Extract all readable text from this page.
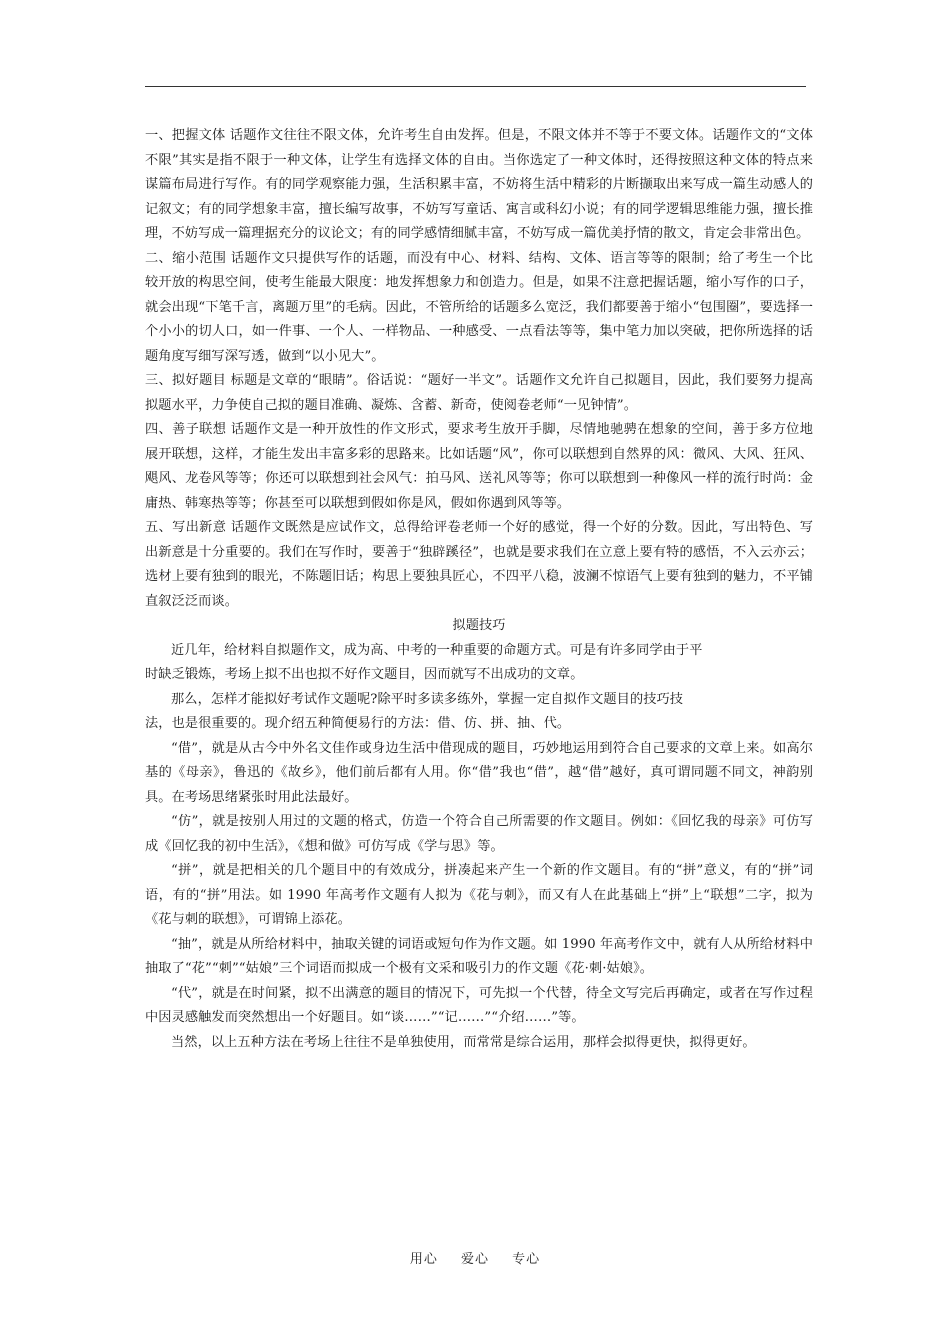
一、把握文体 话题作文往往不限文体，允许考生自由发挥。但是，不限文体并不等于不要文体。话题作文的“文体不限”其实是指不限于一种文体，让学生有选择文体的自由。当你选定了一种文体时，还得按照这种文体的特点来谋篇布局进行写作。有的同学观察能力强，生活积累丰富，不妨将生活中精彩的片断撷取出来写成一篇生动感人的记叙文；有的同学想象丰富，擅长编写故事，不妨写写童话、寓言或科幻小说；有的同学逻辑思维能力强，擅长推理，不妨写成一篇理据充分的议论文；有的同学感情细腻丰富，不妨写成一篇优美抒情的散文，肯定会非常出色。

二、缩小范围 话题作文只提供写作的话题，而没有中心、材料、结构、文体、语言等等的限制；给了考生一个比较开放的构思空间，使考生能最大限度：地发挥想象力和创造力。但是，如果不注意把握话题，缩小写作的口子，就会出现“下笔千言，离题万里”的毛病。因此，不管所给的话题多么宽泛，我们都要善于缩小“包围圈”，要选择一个小小的切人口，如一件事、一个人、一样物品、一种感受、一点看法等等，集中笔力加以突破，把你所选择的话题角度写细写深写透，做到“以小见大”。

三、拟好题目 标题是文章的“眼睛”。俗话说：“题好一半文”。话题作文允许自己拟题目，因此，我们要努力提高拟题水平，力争使自己拟的题目准确、凝炼、含蓄、新奇，使阅卷老师“一见钟情”。

四、善子联想 话题作文是一种开放性的作文形式，要求考生放开手脚，尽情地驰骋在想象的空间，善于多方位地展开联想，这样，才能生发出丰富多彩的思路来。比如话题“风”，你可以联想到自然界的风：微风、大风、狂风、飓风、龙卷风等等；你还可以联想到社会风气：拍马风、送礼风等等；你可以联想到一种像风一样的流行时尚：金庸热、韩寒热等等；你甚至可以联想到假如你是风，假如你遇到风等等。

五、写出新意 话题作文既然是应试作文，总得给评卷老师一个好的感觉，得一个好的分数。因此，写出特色、写出新意是十分重要的。我们在写作时，要善于“独辟蹊径”，也就是要求我们在立意上要有特的感悟，不入云亦云；选材上要有独到的眼光，不陈题旧话；构思上要独具匠心，不四平八稳，波澜不惊语气上要有独到的魅力，不平铺直叙泛泛而谈。

拟题技巧

近几年，给材料自拟题作文，成为高、中考的一种重要的命题方式。可是有许多同学由于平

时缺乏锻炼，考场上拟不出也拟不好作文题目，因而就写不出成功的文章。

那么，怎样才能拟好考试作文题呢?除平时多读多练外，掌握一定自拟作文题目的技巧技

法，也是很重要的。现介绍五种简便易行的方法：借、仿、拼、抽、代。

“借”，就是从古今中外名文佳作或身边生活中借现成的题目，巧妙地运用到符合自己要求的文章上来。如高尔基的《母亲》，鲁迅的《故乡》，他们前后都有人用。你“借”我也“借”，越“借”越好，真可谓同题不同文，神韵别具。在考场思绪紧张时用此法最好。

“仿”，就是按别人用过的文题的格式，仿造一个符合自己所需要的作文题目。例如：《回忆我的母亲》可仿写成《回忆我的初中生活》，《想和做》可仿写成《学与思》等。

“拼”，就是把相关的几个题目中的有效成分，拼凑起来产生一个新的作文题目。有的“拼”意义，有的“拼”词语，有的“拼”用法。如 1990 年高考作文题有人拟为《花与刺》，而又有人在此基础上“拼”上“联想”二字，拟为《花与刺的联想》，可谓锦上添花。

“抽”，就是从所给材料中，抽取关键的词语或短句作为作文题。如 1990 年高考作文中，就有人从所给材料中抽取了“花”“刺”“姑娘”三个词语而拟成一个极有文采和吸引力的作文题《花·刺·姑娘》。

“代”，就是在时间紧，拟不出满意的题目的情况下，可先拟一个代替，待全文写完后再确定，或者在写作过程中因灵感触发而突然想出一个好题目。如“谈……”“记……”“介绍……”等。

当然，以上五种方法在考场上往往不是单独使用，而常常是综合运用，那样会拟得更快，拟得更好。

用心 爱心 专心
